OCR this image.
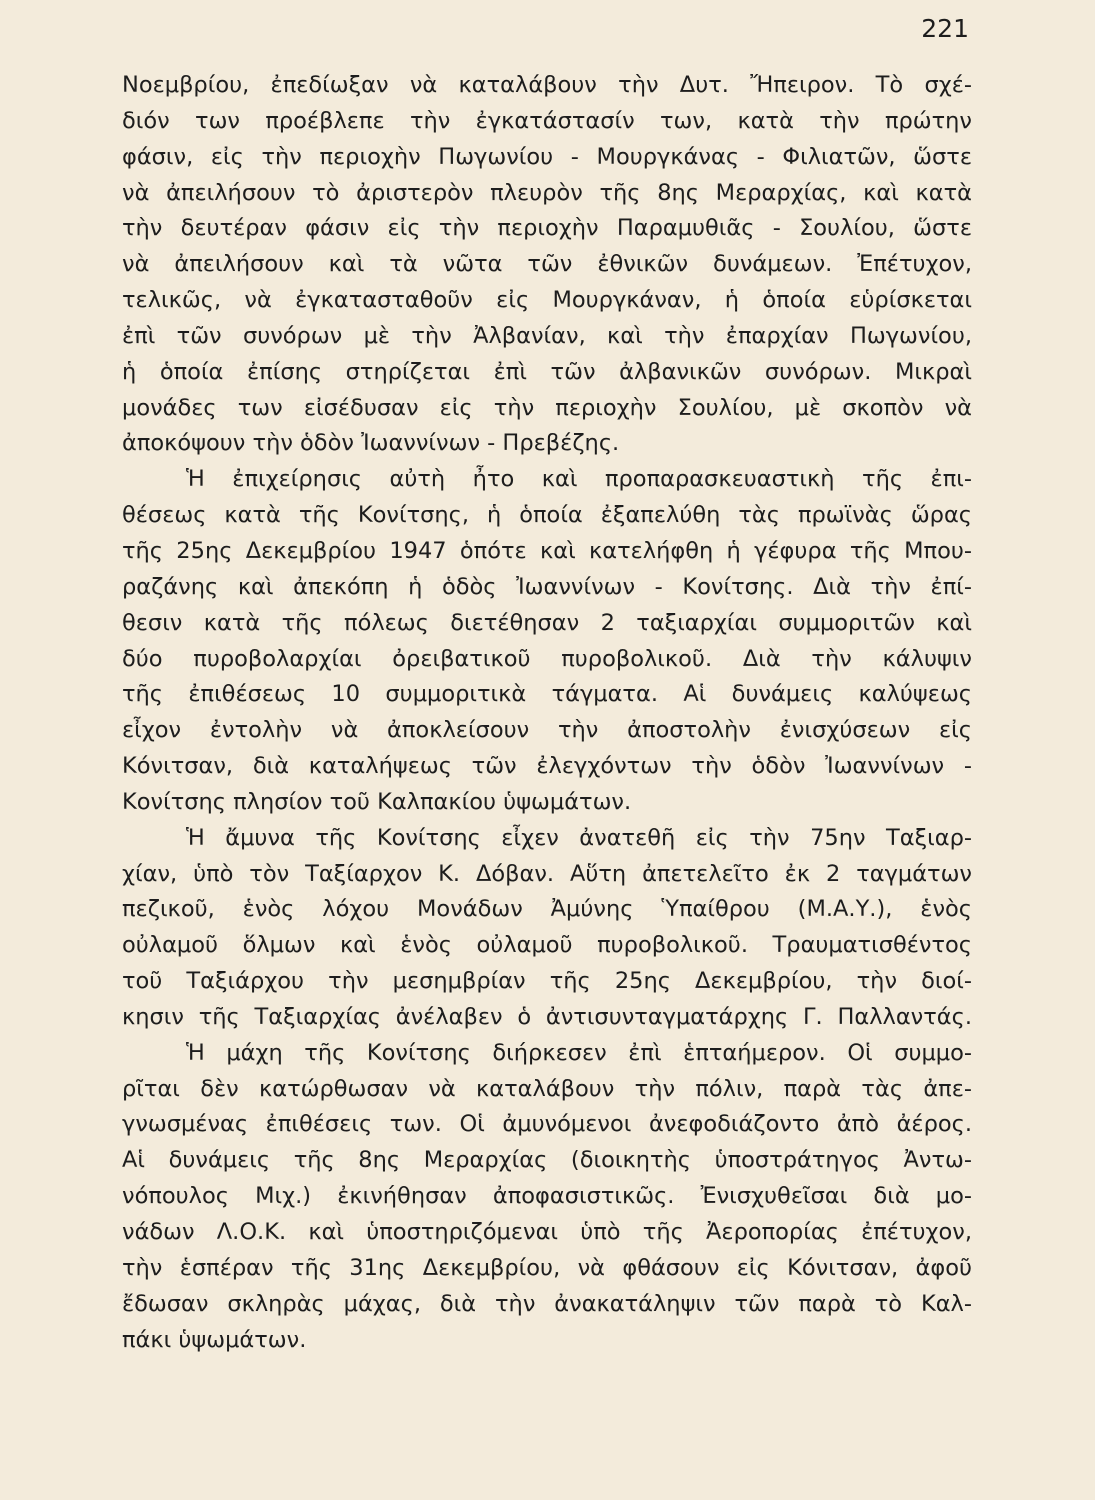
221
Νοεμβρίου, ἐπεδίωξαν νὰ καταλάβουν τὴν Δυτ. Ἤπειρον. Τὸ σχέ-
διόν των προέβλεπε τὴν ἐγκατάστασίν των, κατὰ τὴν πρώτην
φάσιν, εἰς τὴν περιοχὴν Πωγωνίου - Μουργκάνας - Φιλιατῶν, ὥστε
νὰ ἀπειλήσουν τὸ ἀριστερὸν πλευρὸν τῆς 8ης Μεραρχίας, καὶ κατὰ
τὴν δευτέραν φάσιν εἰς τὴν περιοχὴν Παραμυθιᾶς - Σουλίου, ὥστε
νὰ ἀπειλήσουν καὶ τὰ νῶτα τῶν ἐθνικῶν δυνάμεων. Ἐπέτυχον,
τελικῶς, νὰ ἐγκατασταθοῦν εἰς Μουργκάναν, ἡ ὁποία εὑρίσκεται
ἐπὶ τῶν συνόρων μὲ τὴν Ἀλβανίαν, καὶ τὴν ἐπαρχίαν Πωγωνίου,
ἡ ὁποία ἐπίσης στηρίζεται ἐπὶ τῶν ἀλβανικῶν συνόρων. Μικραὶ
μονάδες των εἰσέδυσαν εἰς τὴν περιοχὴν Σουλίου, μὲ σκοπὸν νὰ
ἀποκόψουν τὴν ὁδὸν Ἰωαννίνων - Πρεβέζης.
Ἡ ἐπιχείρησις αὐτὴ ἦτο καὶ προπαρασκευαστικὴ τῆς ἐπι-
θέσεως κατὰ τῆς Κονίτσης, ἡ ὁποία ἐξαπελύθη τὰς πρωϊνὰς ὥρας
τῆς 25ης Δεκεμβρίου 1947 ὁπότε καὶ κατελήφθη ἡ γέφυρα τῆς Μπου-
ραζάνης καὶ ἀπεκόπη ἡ ὁδὸς Ἰωαννίνων - Κονίτσης. Διὰ τὴν ἐπί-
θεσιν κατὰ τῆς πόλεως διετέθησαν 2 ταξιαρχίαι συμμοριτῶν καὶ
δύο πυροβολαρχίαι ὀρειβατικοῦ πυροβολικοῦ. Διὰ τὴν κάλυψιν
τῆς ἐπιθέσεως 10 συμμοριτικὰ τάγματα. Αἱ δυνάμεις καλύψεως
εἶχον ἐντολὴν νὰ ἀποκλείσουν τὴν ἀποστολὴν ἐνισχύσεων εἰς
Κόνιτσαν, διὰ καταλήψεως τῶν ἐλεγχόντων τὴν ὁδὸν Ἰωαννίνων -
Κονίτσης πλησίον τοῦ Καλπακίου ὑψωμάτων.
Ἡ ἄμυνα τῆς Κονίτσης εἶχεν ἀνατεθῆ εἰς τὴν 75ην Ταξιαρ-
χίαν, ὑπὸ τὸν Ταξίαρχον Κ. Δόβαν. Αὕτη ἀπετελεῖτο ἐκ 2 ταγμάτων
πεζικοῦ, ἑνὸς λόχου Μονάδων Ἀμύνης Ὑπαίθρου (Μ.Α.Υ.), ἑνὸς
οὐλαμοῦ ὅλμων καὶ ἑνὸς οὐλαμοῦ πυροβολικοῦ. Τραυματισθέντος
τοῦ Ταξιάρχου τὴν μεσημβρίαν τῆς 25ης Δεκεμβρίου, τὴν διοί-
κησιν τῆς Ταξιαρχίας ἀνέλαβεν ὁ ἀντισυνταγματάρχης Γ. Παλλαντάς.
Ἡ μάχη τῆς Κονίτσης διήρκεσεν ἐπὶ ἑπταήμερον. Οἱ συμμο-
ρῖται δὲν κατώρθωσαν νὰ καταλάβουν τὴν πόλιν, παρὰ τὰς ἀπε-
γνωσμένας ἐπιθέσεις των. Οἱ ἀμυνόμενοι ἀνεφοδιάζοντο ἀπὸ ἀέρος.
Αἱ δυνάμεις τῆς 8ης Μεραρχίας (διοικητὴς ὑποστράτηγος Ἀντω-
νόπουλος Μιχ.) ἐκινήθησαν ἀποφασιστικῶς. Ἐνισχυθεῖσαι διὰ μο-
νάδων Λ.Ο.Κ. καὶ ὑποστηριζόμεναι ὑπὸ τῆς Ἀεροπορίας ἐπέτυχον,
τὴν ἑσπέραν τῆς 31ης Δεκεμβρίου, νὰ φθάσουν εἰς Κόνιτσαν, ἀφοῦ
ἔδωσαν σκληρὰς μάχας, διὰ τὴν ἀνακατάληψιν τῶν παρὰ τὸ Καλ-
πάκι ὑψωμάτων.
